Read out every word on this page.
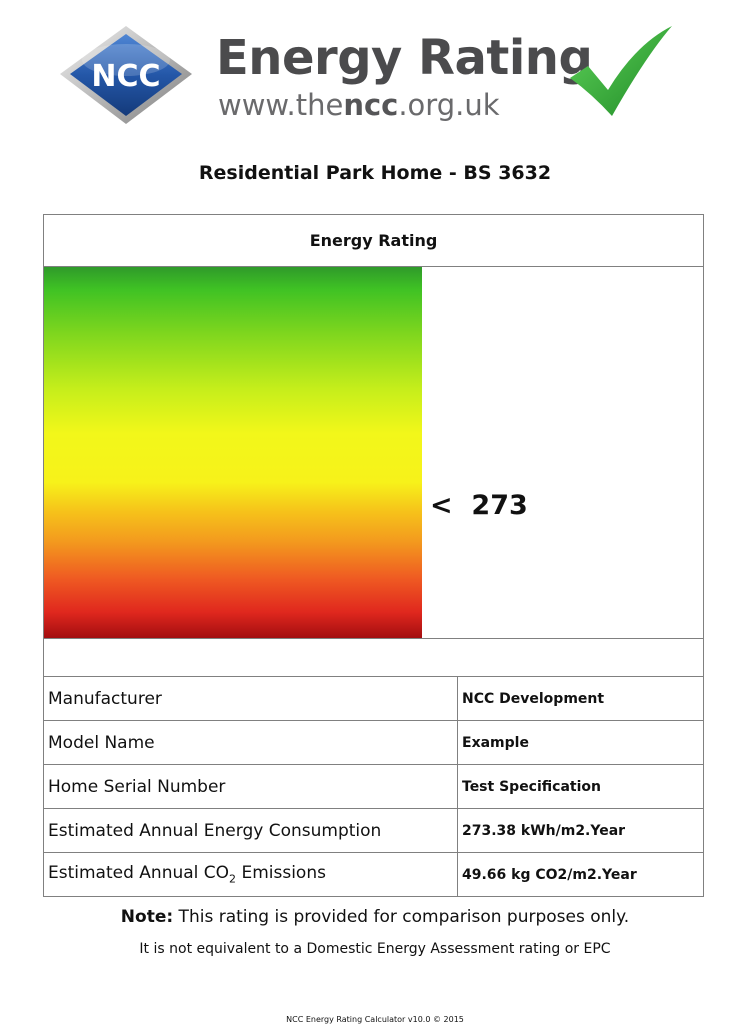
NCC Energy Rating
www.thencc.org.uk
Residential Park Home - BS 3632
Energy Rating
<  273
Manufacturer	NCC Development
Model Name	Example
Home Serial Number	Test Specification
Estimated Annual Energy Consumption	273.38 kWh/m2.Year
Estimated Annual $CO_2$ Emissions	49.66 kg CO2/m2.Year
Note: This rating is provided for comparison purposes only.
It is not equivalent to a Domestic Energy Assessment rating or EPC
NCC Energy Rating Calculator v10.0 © 2015
